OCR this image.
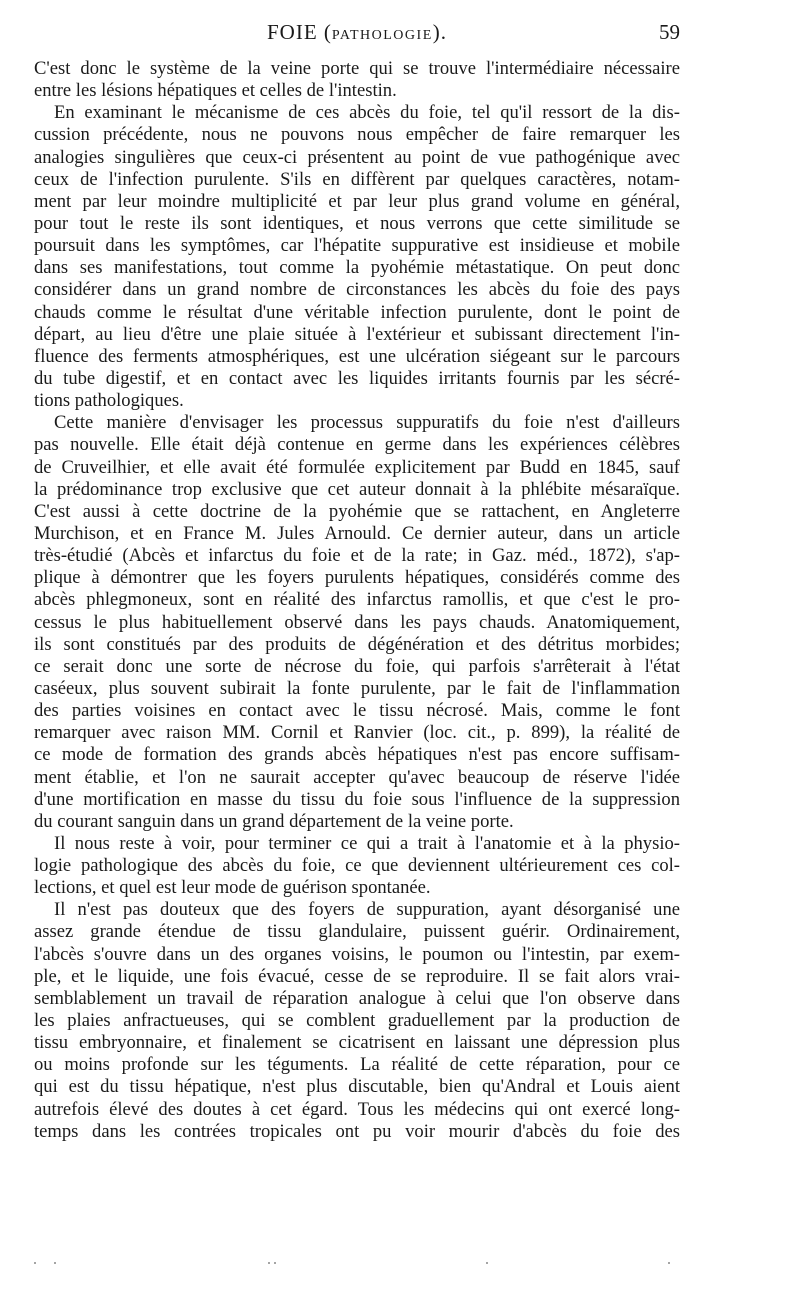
FOIE (PATHOLOGIE).	59
C'est donc le système de la veine porte qui se trouve l'intermédiaire nécessaire
entre les lésions hépatiques et celles de l'intestin.
En examinant le mécanisme de ces abcès du foie, tel qu'il ressort de la dis-
cussion précédente, nous ne pouvons nous empêcher de faire remarquer les
analogies singulières que ceux-ci présentent au point de vue pathogénique avec
ceux de l'infection purulente. S'ils en diffèrent par quelques caractères, notam-
ment par leur moindre multiplicité et par leur plus grand volume en général,
pour tout le reste ils sont identiques, et nous verrons que cette similitude se
poursuit dans les symptômes, car l'hépatite suppurative est insidieuse et mobile
dans ses manifestations, tout comme la pyohémie métastatique. On peut donc
considérer dans un grand nombre de circonstances les abcès du foie des pays
chauds comme le résultat d'une véritable infection purulente, dont le point de
départ, au lieu d'être une plaie située à l'extérieur et subissant directement l'in-
fluence des ferments atmosphériques, est une ulcération siégeant sur le parcours
du tube digestif, et en contact avec les liquides irritants fournis par les sécré-
tions pathologiques.
Cette manière d'envisager les processus suppuratifs du foie n'est d'ailleurs
pas nouvelle. Elle était déjà contenue en germe dans les expériences célèbres
de Cruveilhier, et elle avait été formulée explicitement par Budd en 1845, sauf
la prédominance trop exclusive que cet auteur donnait à la phlébite mésaraïque.
C'est aussi à cette doctrine de la pyohémie que se rattachent, en Angleterre
Murchison, et en France M. Jules Arnould. Ce dernier auteur, dans un article
très-étudié (Abcès et infarctus du foie et de la rate; in Gaz. méd., 1872), s'ap-
plique à démontrer que les foyers purulents hépatiques, considérés comme des
abcès phlegmoneux, sont en réalité des infarctus ramollis, et que c'est le pro-
cessus le plus habituellement observé dans les pays chauds. Anatomiquement,
ils sont constitués par des produits de dégénération et des détritus morbides;
ce serait donc une sorte de nécrose du foie, qui parfois s'arrêterait à l'état
caséeux, plus souvent subirait la fonte purulente, par le fait de l'inflammation
des parties voisines en contact avec le tissu nécrosé. Mais, comme le font
remarquer avec raison MM. Cornil et Ranvier (loc. cit., p. 899), la réalité de
ce mode de formation des grands abcès hépatiques n'est pas encore suffisam-
ment établie, et l'on ne saurait accepter qu'avec beaucoup de réserve l'idée
d'une mortification en masse du tissu du foie sous l'influence de la suppression
du courant sanguin dans un grand département de la veine porte.
Il nous reste à voir, pour terminer ce qui a trait à l'anatomie et à la physio-
logie pathologique des abcès du foie, ce que deviennent ultérieurement ces col-
lections, et quel est leur mode de guérison spontanée.
Il n'est pas douteux que des foyers de suppuration, ayant désorganisé une
assez grande étendue de tissu glandulaire, puissent guérir. Ordinairement,
l'abcès s'ouvre dans un des organes voisins, le poumon ou l'intestin, par exem-
ple, et le liquide, une fois évacué, cesse de se reproduire. Il se fait alors vrai-
semblablement un travail de réparation analogue à celui que l'on observe dans
les plaies anfractueuses, qui se comblent graduellement par la production de
tissu embryonnaire, et finalement se cicatrisent en laissant une dépression plus
ou moins profonde sur les téguments. La réalité de cette réparation, pour ce
qui est du tissu hépatique, n'est plus discutable, bien qu'Andral et Louis aient
autrefois élevé des doutes à cet égard. Tous les médecins qui ont exercé long-
temps dans les contrées tropicales ont pu voir mourir d'abcès du foie des
